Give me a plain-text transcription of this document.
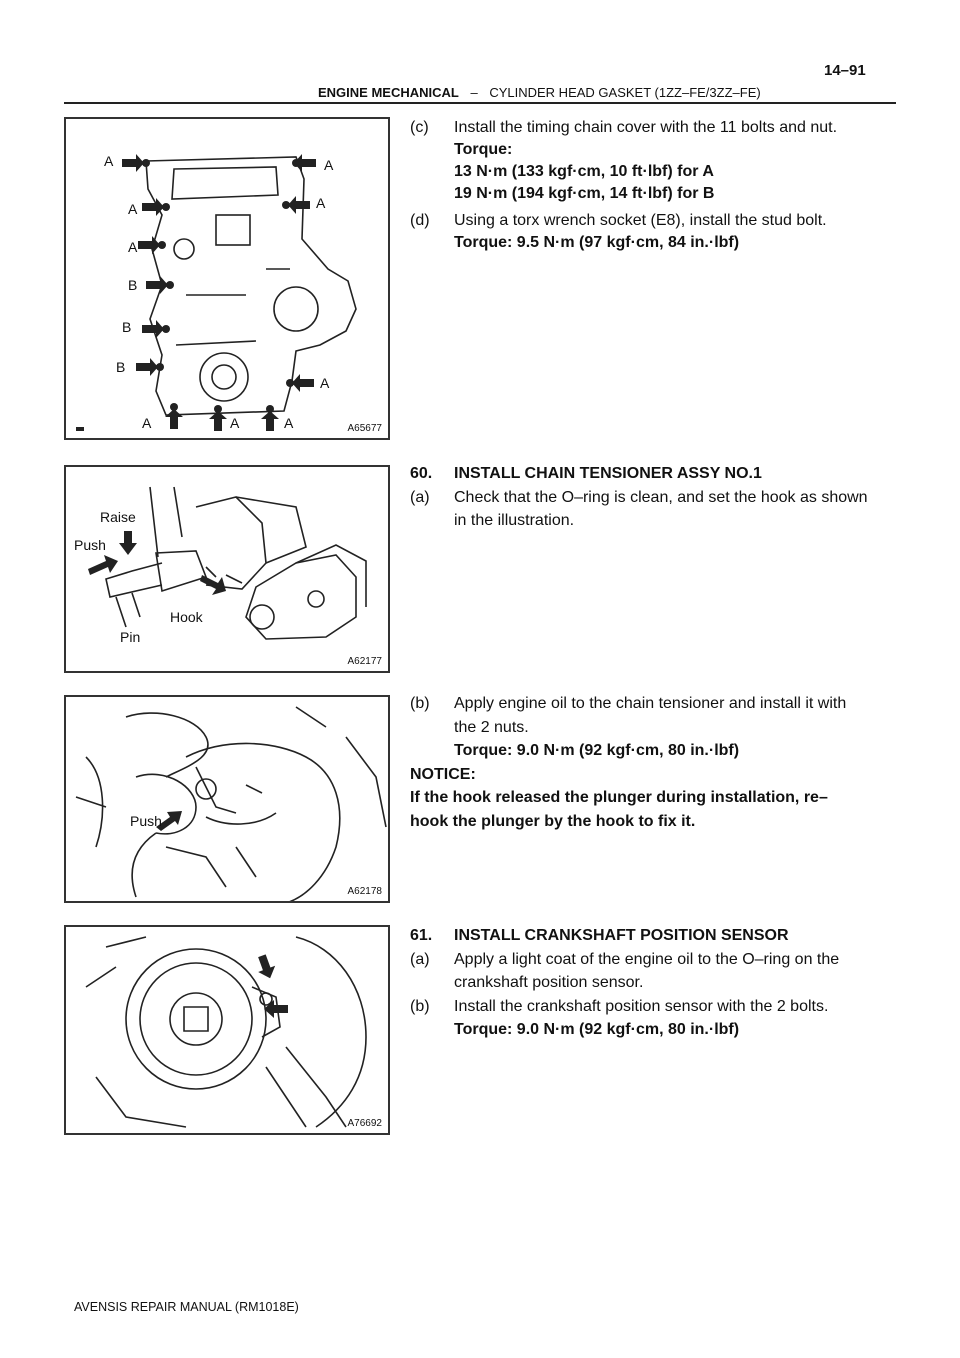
14–91
ENGINE MECHANICAL – CYLINDER HEAD GASKET (1ZZ–FE/3ZZ–FE)
A	A
A	A
A
B
B
B
A
A	A	A	A65677
Raise
Push
Hook
Pin
A62177
Push
A62178
A76692
(c) Install the timing chain cover with the 11 bolts and nut.
Torque:
13 N·m (133 kgf·cm, 10 ft·lbf) for A
19 N·m (194 kgf·cm, 14 ft·lbf) for B
(d) Using a torx wrench socket (E8), install the stud bolt.
Torque: 9.5 N·m (97 kgf·cm, 84 in.·lbf)
60. INSTALL CHAIN TENSIONER ASSY NO.1
(a) Check that the O–ring is clean, and set the hook as shown
in the illustration.
(b) Apply engine oil to the chain tensioner and install it with
the 2 nuts.
Torque: 9.0 N·m (92 kgf·cm, 80 in.·lbf)
NOTICE:
If the hook released the plunger during installation, re–
hook the plunger by the hook to fix it.
61. INSTALL CRANKSHAFT POSITION SENSOR
(a) Apply a light coat of the engine oil to the O–ring on the
crankshaft position sensor.
(b) Install the crankshaft position sensor with the 2 bolts.
Torque: 9.0 N·m (92 kgf·cm, 80 in.·lbf)
AVENSIS REPAIR MANUAL (RM1018E)
